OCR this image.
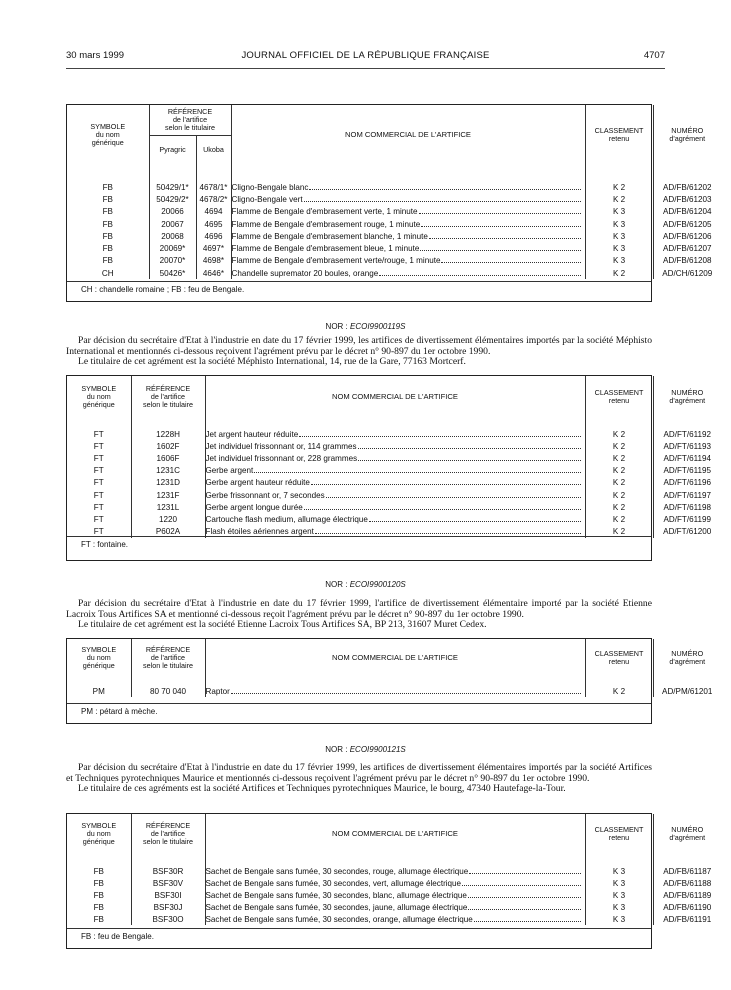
30 mars 1999	JOURNAL OFFICIEL DE LA RÉPUBLIQUE FRANÇAISE	4707
SYMBOLE
du nom
générique	RÉFÉRENCE
de l'artifice
selon le titulaire		NOM COMMERCIAL DE L'ARTIFICE	CLASSEMENT
retenu	NUMÉRO
d'agrément
	Pyragric	Ukoba			

FB	50429/1*	4678/1*	Cligno-Bengale blanc	K 2	AD/FB/61202
FB	50429/2*	4678/2*	Cligno-Bengale vert	K 2	AD/FB/61203
FB	20066	4694	Flamme de Bengale d'embrasement verte, 1 minute	K 3	AD/FB/61204
FB	20067	4695	Flamme de Bengale d'embrasement rouge, 1 minute	K 3	AD/FB/61205
FB	20068	4696	Flamme de Bengale d'embrasement blanche, 1 minute	K 3	AD/FB/61206
FB	20069*	4697*	Flamme de Bengale d'embrasement bleue, 1 minute	K 3	AD/FB/61207
FB	20070*	4698*	Flamme de Bengale d'embrasement verte/rouge, 1 minute	K 3	AD/FB/61208
CH	50426*	4646*	Chandelle supremator 20 boules, orange	K 2	AD/CH/61209
CH : chandelle romaine ; FB : feu de Bengale.
NOR : ECOI9900119S

Par décision du secrétaire d'Etat à l'industrie en date du 17 février 1999, les artifices de divertissement élémentaires importés par la société Méphisto International et mentionnés ci-dessous reçoivent l'agrément prévu par le décret n° 90-897 du 1er octobre 1990.

Le titulaire de cet agrément est la société Méphisto International, 14, rue de la Gare, 77163 Mortcerf.

SYMBOLE
du nom
générique	RÉFÉRENCE
de l'artifice
selon le titulaire	NOM COMMERCIAL DE L'ARTIFICE	CLASSEMENT
retenu	NUMÉRO
d'agrément

FT	1228H	Jet argent hauteur réduite	K 2	AD/FT/61192
FT	1602F	Jet individuel frissonnant or, 114 grammes	K 2	AD/FT/61193
FT	1606F	Jet individuel frissonnant or, 228 grammes	K 2	AD/FT/61194
FT	1231C	Gerbe argent	K 2	AD/FT/61195
FT	1231D	Gerbe argent hauteur réduite	K 2	AD/FT/61196
FT	1231F	Gerbe frissonnant or, 7 secondes	K 2	AD/FT/61197
FT	1231L	Gerbe argent longue durée	K 2	AD/FT/61198
FT	1220	Cartouche flash medium, allumage électrique	K 2	AD/FT/61199
FT	P602A	Flash étoiles aériennes argent	K 2	AD/FT/61200
FT : fontaine.
NOR : ECOI9900120S

Par décision du secrétaire d'Etat à l'industrie en date du 17 février 1999, l'artifice de divertissement élémentaire importé par la société Etienne Lacroix Tous Artifices SA et mentionné ci-dessous reçoit l'agrément prévu par le décret n° 90-897 du 1er octobre 1990.

Le titulaire de cet agrément est la société Etienne Lacroix Tous Artifices SA, BP 213, 31607 Muret Cedex.

SYMBOLE
du nom
générique	RÉFÉRENCE
de l'artifice
selon le titulaire	NOM COMMERCIAL DE L'ARTIFICE	CLASSEMENT
retenu	NUMÉRO
d'agrément

PM	80 70 040	Raptor	K 2	AD/PM/61201
PM : pétard à mèche.
NOR : ECOI9900121S

Par décision du secrétaire d'Etat à l'industrie en date du 17 février 1999, les artifices de divertissement élémentaires importés par la société Artifices et Techniques pyrotechniques Maurice et mentionnés ci-dessous reçoivent l'agrément prévu par le décret n° 90-897 du 1er octobre 1990.

Le titulaire de ces agréments est la société Artifices et Techniques pyrotechniques Maurice, le bourg, 47340 Hautefage-la-Tour.

SYMBOLE
du nom
générique	RÉFÉRENCE
de l'artifice
selon le titulaire	NOM COMMERCIAL DE L'ARTIFICE	CLASSEMENT
retenu	NUMÉRO
d'agrément

FB	BSF30R	Sachet de Bengale sans fumée, 30 secondes, rouge, allumage électrique	K 3	AD/FB/61187
FB	BSF30V	Sachet de Bengale sans fumée, 30 secondes, vert, allumage électrique	K 3	AD/FB/61188
FB	BSF30I	Sachet de Bengale sans fumée, 30 secondes, blanc, allumage électrique	K 3	AD/FB/61189
FB	BSF30J	Sachet de Bengale sans fumée, 30 secondes, jaune, allumage électrique	K 3	AD/FB/61190
FB	BSF30O	Sachet de Bengale sans fumée, 30 secondes, orange, allumage électrique	K 3	AD/FB/61191
FB : feu de Bengale.
